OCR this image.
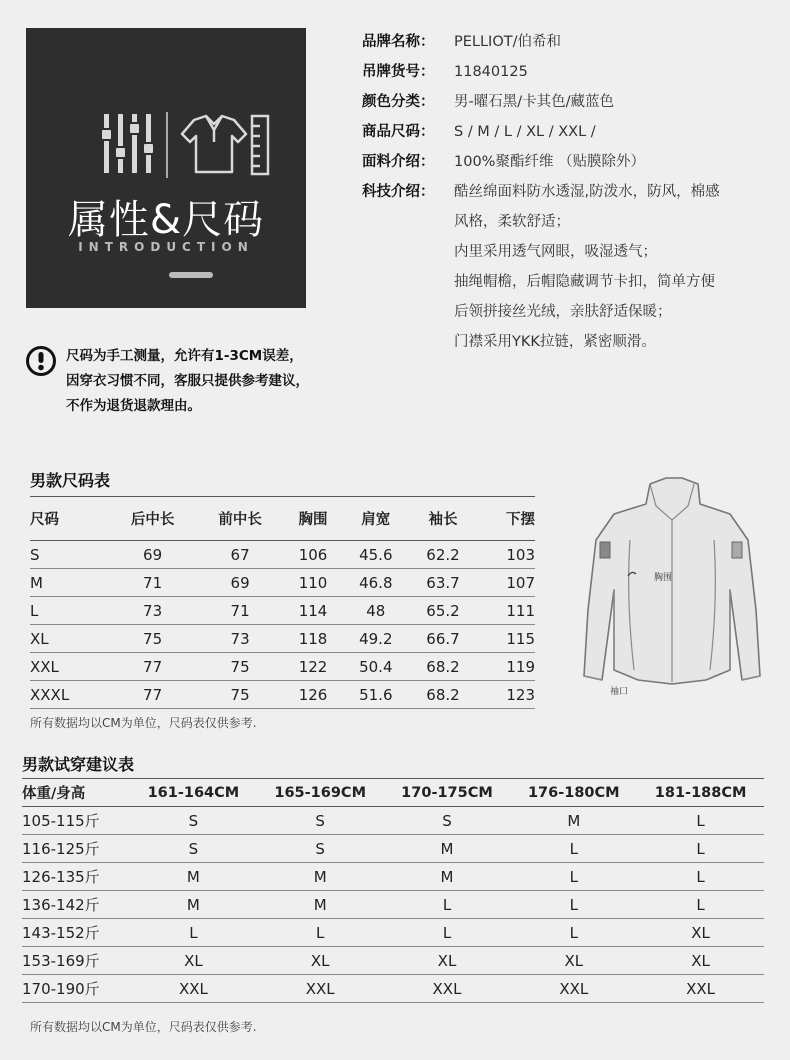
属性&尺码
INTRODUCTION
品牌名称：	PELLIOT/伯希和
吊牌货号：	11840125
颜色分类：	男-曜石黑/卡其色/藏蓝色
商品尺码：	S / M / L / XL / XXL /
面料介绍：	100%聚酯纤维 （贴膜除外）
科技介绍：	酷丝绵面料防水透湿,防泼水，防风，棉感
风格，柔软舒适；
内里采用透气网眼，吸湿透气；
抽绳帽檐，后帽隐藏调节卡扣，简单方便
后领拼接丝光绒，亲肤舒适保暖；
门襟采用YKK拉链，紧密顺滑。
尺码为手工测量，允许有1-3CM误差，
因穿衣习惯不同，客服只提供参考建议，
不作为退货退款理由。
男款尺码表
尺码	后中长	前中长	胸围	肩宽	袖长	下摆
S	69	67	106	45.6	62.2	103
M	71	69	110	46.8	63.7	107
L	73	71	114	48	65.2	111
XL	75	73	118	49.2	66.7	115
XXL	77	75	122	50.4	68.2	119
XXXL	77	75	126	51.6	68.2	123
所有数据均以CM为单位，尺码表仅供参考.
胸围
袖口
男款试穿建议表
体重/身高	161-164CM	165-169CM	170-175CM	176-180CM	181-188CM
105-115斤	S	S	S	M	L
116-125斤	S	S	M	L	L
126-135斤	M	M	M	L	L
136-142斤	M	M	L	L	L
143-152斤	L	L	L	L	XL
153-169斤	XL	XL	XL	XL	XL
170-190斤	XXL	XXL	XXL	XXL	XXL
所有数据均以CM为单位，尺码表仅供参考.
